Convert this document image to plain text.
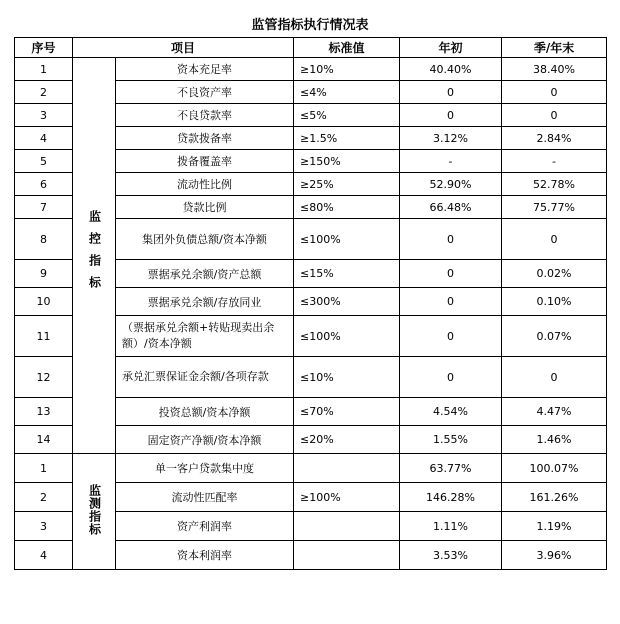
监管指标执行情况表
序号	项目		标准值	年初	季/年末
1	监控指标	资本充足率	≥10%	40.40%	38.40%
2		不良资产率	≤4%	0	0
3		不良贷款率	≤5%	0	0
4		贷款拨备率	≥1.5%	3.12%	2.84%
5		拨备覆盖率	≥150%	-	-
6		流动性比例	≥25%	52.90%	52.78%
7		贷款比例	≤80%	66.48%	75.77%
8		集团外负债总额/资本净额	≤100%	0	0
9		票据承兑余额/资产总额	≤15%	0	0.02%
10		票据承兑余额/存放同业	≤300%	0	0.10%
11		（票据承兑余额+转贴现卖出余额）/资本净额	≤100%	0	0.07%
12		承兑汇票保证金余额/各项存款	≤10%	0	0
13		投资总额/资本净额	≤70%	4.54%	4.47%
14		固定资产净额/资本净额	≤20%	1.55%	1.46%
1	监测指标	单一客户贷款集中度		63.77%	100.07%
2		流动性匹配率	≥100%	146.28%	161.26%
3		资产利润率		1.11%	1.19%
4		资本利润率		3.53%	3.96%
